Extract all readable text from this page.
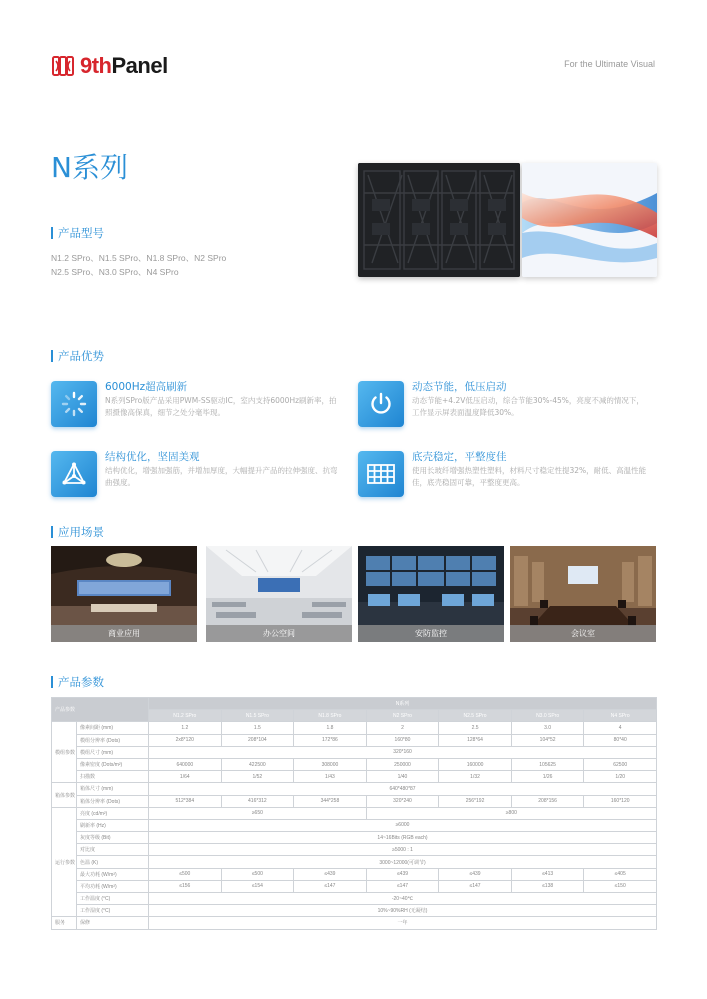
9thPanel	For the Ultimate Visual
N系列
产品型号
N1.2 SPro、N1.5 SPro、N1.8 SPro、N2 SPro
N2.5 SPro、N3.0 SPro、N4 SPro
产品优势
6000Hz超高刷新
N系列SPro版产品采用PWM-SS驱动IC，室内支持6000Hz刷新率，拍照摄像高保真，细节之处分毫毕现。
动态节能，低压启动
动态节能+4.2V低压启动，综合节能30%-45%，亮度不减的情况下，工作显示屏表面温度降低30%。
结构优化，坚固美观
结构优化，增强加强筋，并增加厚度，大幅提升产品的拉伸强度、抗弯曲强度。
底壳稳定，平整度佳
使用长玻纤增强热塑性塑料，材料尺寸稳定性提32%，耐低、高温性能佳，底壳稳固可靠，平整度更高。
应用场景
商业应用	办公空间	安防监控	会议室
产品参数
产品参数		N系列						
		N1.2 SPro	N1.5 SPro	N1.8 SPro	N2 SPro	N2.5 SPro	N3.0 SPro	N4 SPro
模组参数	像素间距 (mm)	1.2	1.5	1.8	2	2.5	3.0	4
	模组分辨率 (Dots)	2x8*120	208*104	172*86	160*80	128*64	104*52	80*40
	模组尺寸 (mm)	320*160						
	像素密度 (Dots/m²)	640000	422500	308000	250000	160000	105625	62500
	扫描数	1/64	1/52	1/43	1/40	1/32	1/26	1/20
箱体参数	箱体尺寸 (mm)	640*480*87						
	箱体分辨率 (Dots)	512*384	416*312	344*258	320*240	256*192	208*156	160*120
运行参数	亮度 (cd/m²)	≥650			≥800			
	刷新率 (Hz)	≥6000						
	灰度等级 (Bit)	14~16Bits (RGB each)						
	对比度	≥5000 : 1						
	色温 (K)	3000~12000(可调节)						
	最大功耗 (W/m²)	≤500	≤500	≤439	≤439	≤439	≤413	≤405
	平均功耗 (W/m²)	≤156	≤154	≤147	≤147	≤147	≤138	≤150
	工作温度 (°C)	-20~40℃						
	工作湿度 (°C)	10%~90%RH (无凝结)						
服务	保修	一年						
